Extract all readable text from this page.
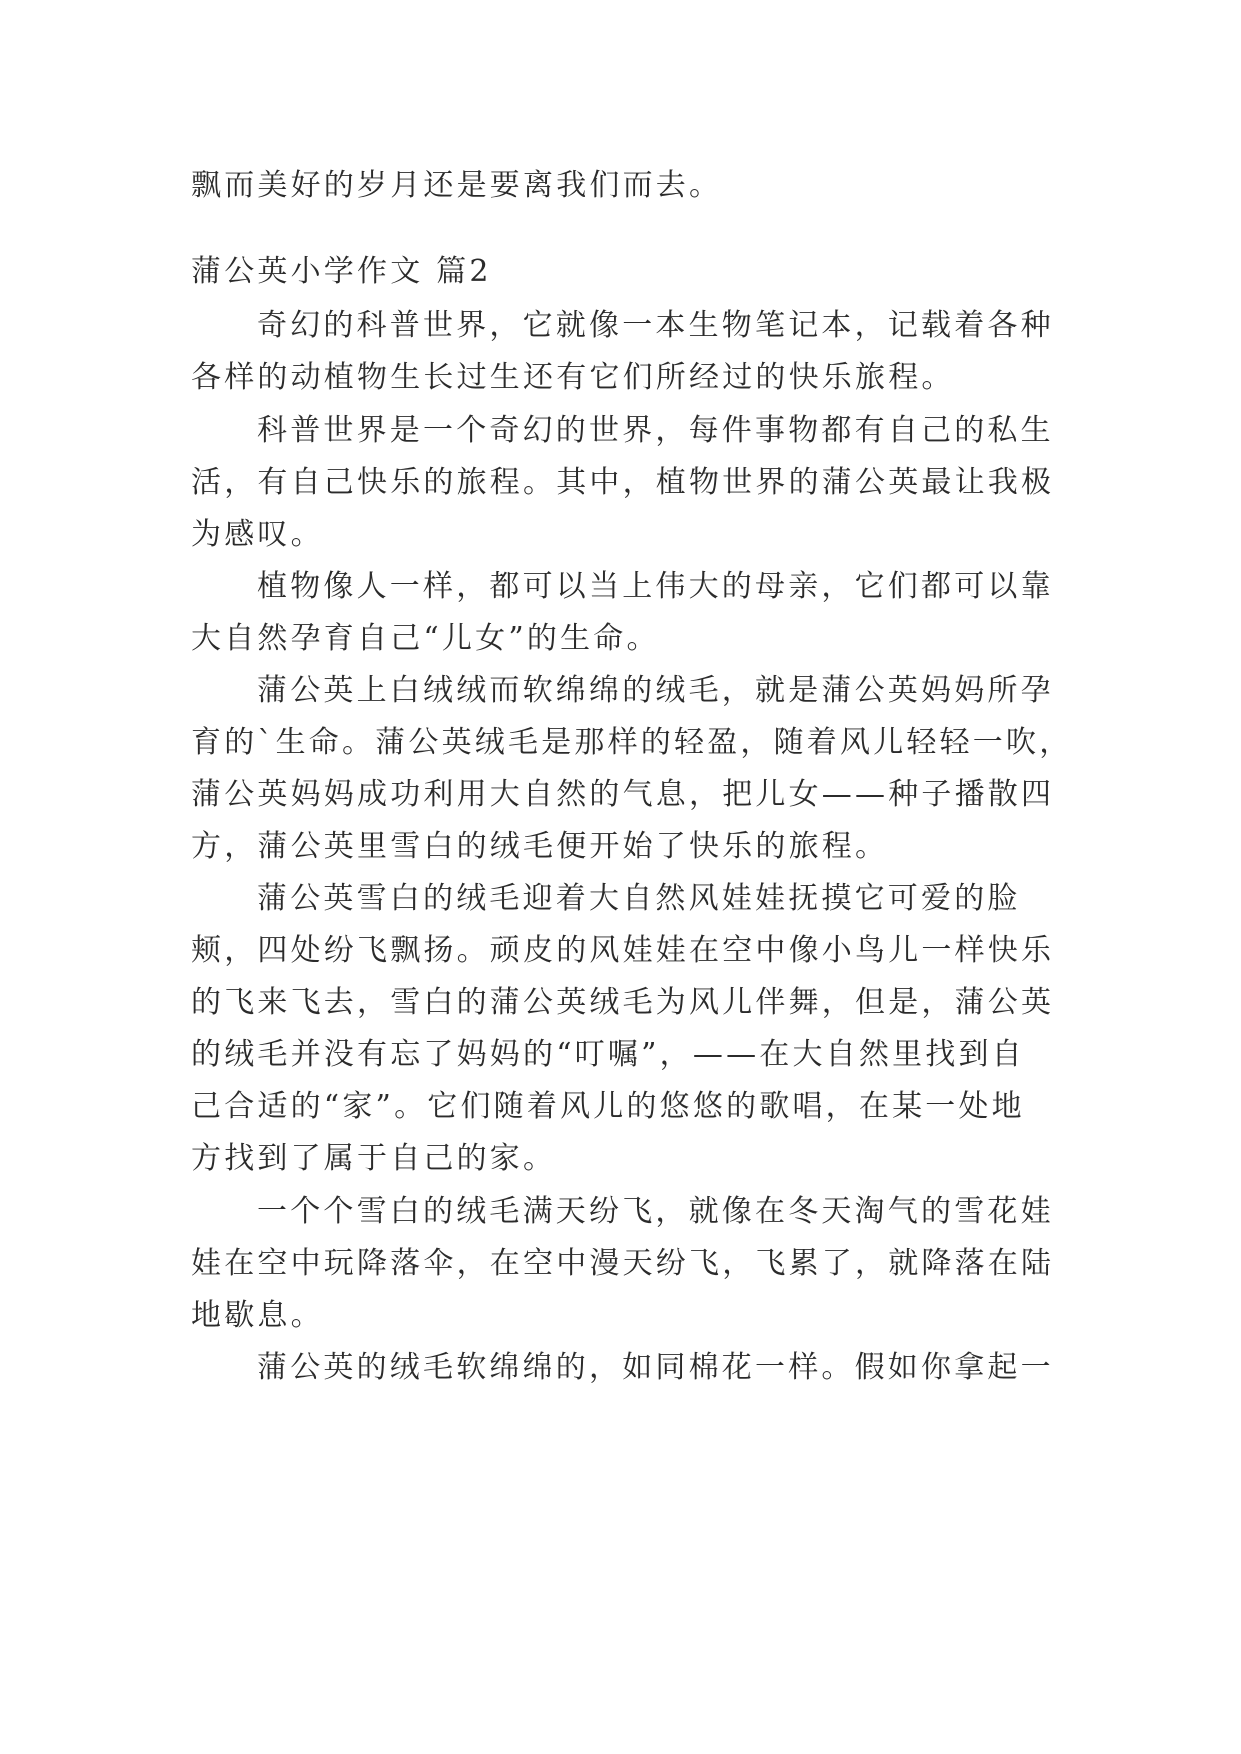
飘而美好的岁月还是要离我们而去。

蒲公英小学作文 篇2

奇幻的科普世界，它就像一本生物笔记本，记载着各种

各样的动植物生长过生还有它们所经过的快乐旅程。

科普世界是一个奇幻的世界，每件事物都有自己的私生

活，有自己快乐的旅程。其中，植物世界的蒲公英最让我极

为感叹。

植物像人一样，都可以当上伟大的母亲，它们都可以靠

大自然孕育自己“儿女”的生命。

蒲公英上白绒绒而软绵绵的绒毛，就是蒲公英妈妈所孕

育的`生命。蒲公英绒毛是那样的轻盈，随着风儿轻轻一吹，

蒲公英妈妈成功利用大自然的气息，把儿女——种子播散四

方，蒲公英里雪白的绒毛便开始了快乐的旅程。

蒲公英雪白的绒毛迎着大自然风娃娃抚摸它可爱的脸

颊，四处纷飞飘扬。顽皮的风娃娃在空中像小鸟儿一样快乐

的飞来飞去，雪白的蒲公英绒毛为风儿伴舞，但是，蒲公英

的绒毛并没有忘了妈妈的“叮嘱”，——在大自然里找到自

己合适的“家”。它们随着风儿的悠悠的歌唱，在某一处地

方找到了属于自己的家。

一个个雪白的绒毛满天纷飞，就像在冬天淘气的雪花娃

娃在空中玩降落伞，在空中漫天纷飞，飞累了，就降落在陆

地歇息。

蒲公英的绒毛软绵绵的，如同棉花一样。假如你拿起一
